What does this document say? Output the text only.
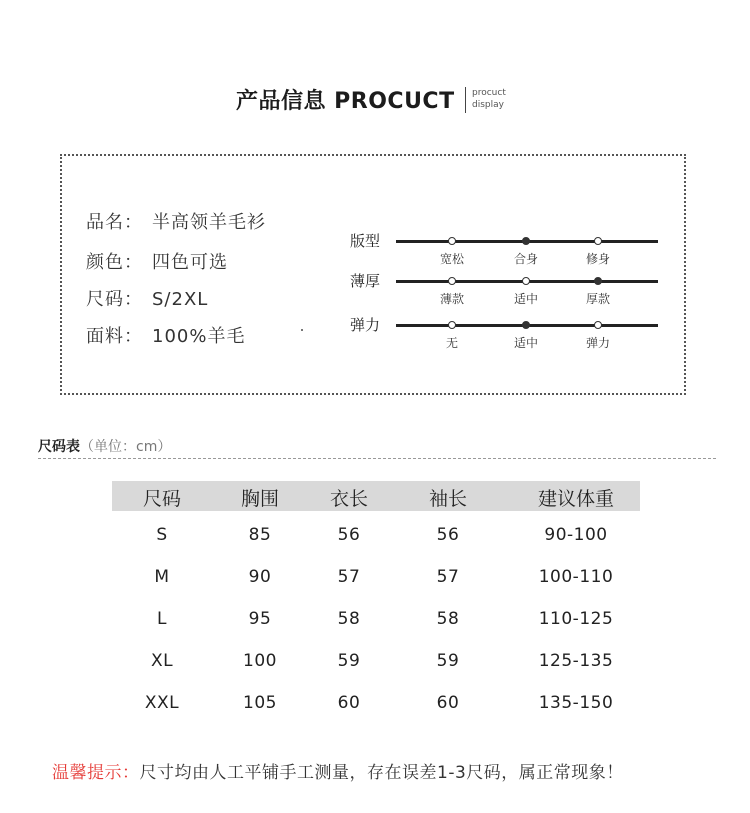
产品信息 PROCUCT procuct
display
品名： 半高领羊毛衫
颜色： 四色可选
尺码： S/2XL
面料： 100%羊毛
版型
宽松	合身	修身
薄厚
薄款	适中	厚款
弹力
无	适中	弹力
尺码表（单位：cm）
尺码	胸围	衣长	袖长	建议体重
S	85	56	56	90-100
M	90	57	57	100-110
L	95	58	58	110-125
XL	100	59	59	125-135
XXL	105	60	60	135-150
温馨提示：尺寸均由人工平铺手工测量，存在误差1-3尺码，属正常现象！
